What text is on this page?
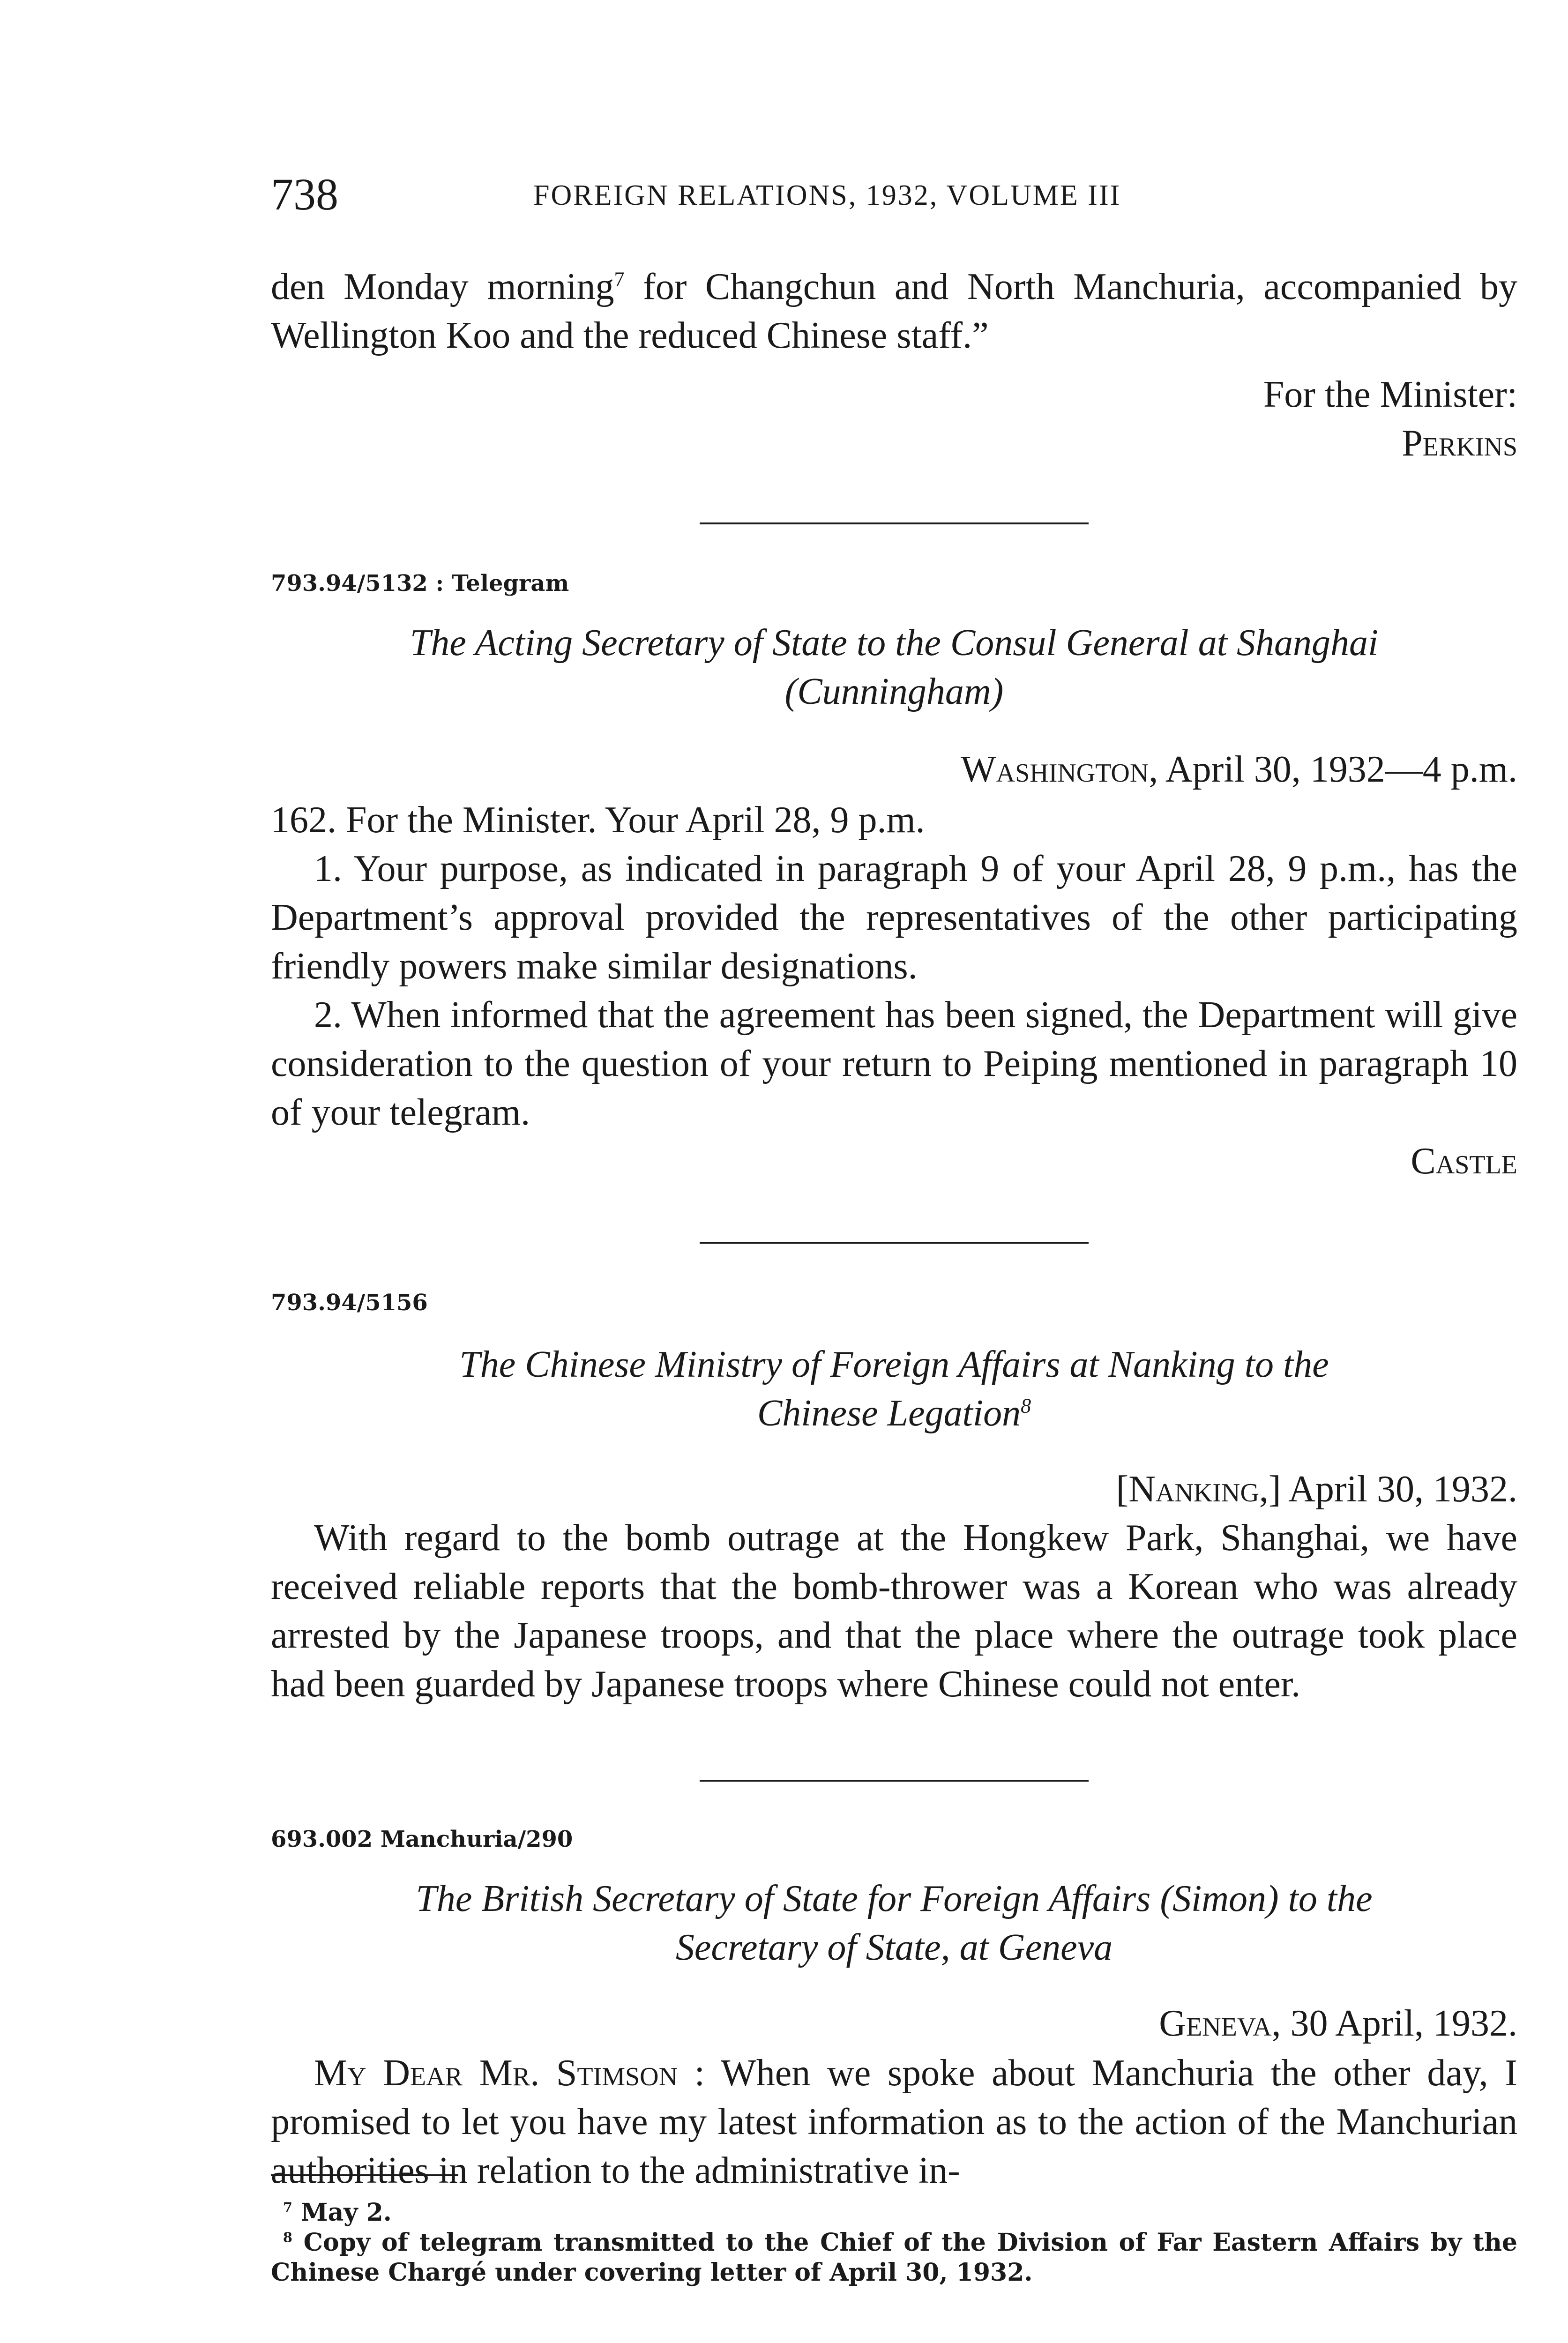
738	FOREIGN RELATIONS, 1932, VOLUME III

den Monday morning$^7$ for Changchun and North Manchuria, accompanied by Wellington Koo and the reduced Chinese staff.”

For the Minister:
Perkins
793.94/5132 : Telegram
The Acting Secretary of State to the Consul General at Shanghai
(Cunningham)
Washington, April 30, 1932—4 p.m.

162. For the Minister. Your April 28, 9 p.m.

1. Your purpose, as indicated in paragraph 9 of your April 28, 9 p.m., has the Department’s approval provided the representatives of the other participating friendly powers make similar designations.

2. When informed that the agreement has been signed, the Department will give consideration to the question of your return to Peiping mentioned in paragraph 10 of your telegram.

Castle
793.94/5156
The Chinese Ministry of Foreign Affairs at Nanking to the
Chinese Legation$^8$
[Nanking,] April 30, 1932.

With regard to the bomb outrage at the Hongkew Park, Shanghai, we have received reliable reports that the bomb-thrower was a Korean who was already arrested by the Japanese troops, and that the place where the outrage took place had been guarded by Japanese troops where Chinese could not enter.

693.002 Manchuria/290
The British Secretary of State for Foreign Affairs (Simon) to the
Secretary of State, at Geneva
Geneva, 30 April, 1932.

My Dear Mr. Stimson : When we spoke about Manchuria the other day, I promised to let you have my latest information as to the action of the Manchurian authorities in relation to the administrative in-

$^7$ May 2.

$^8$ Copy of telegram transmitted to the Chief of the Division of Far Eastern Affairs by the Chinese Chargé under covering letter of April 30, 1932.
